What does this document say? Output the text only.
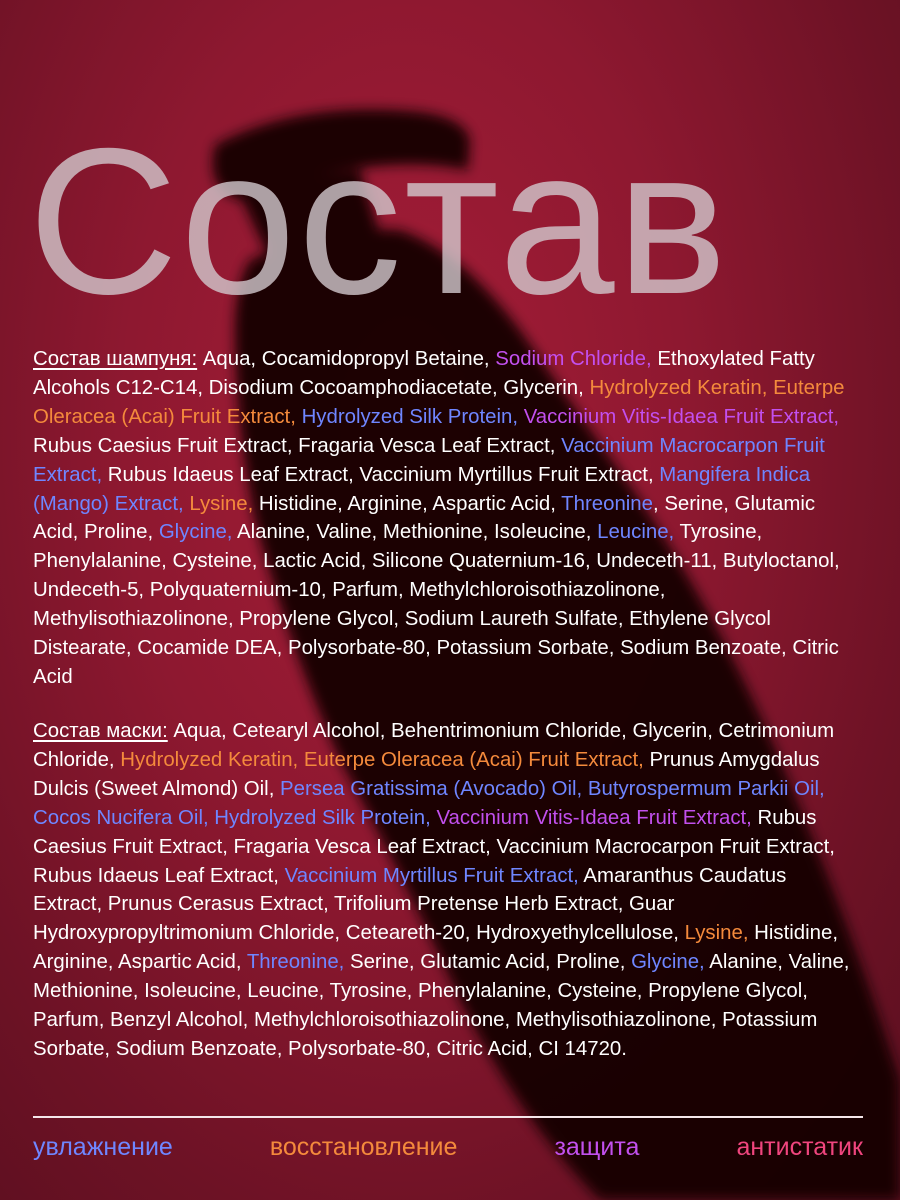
Состав
Состав шампуня: Aqua, Cocamidopropyl Betaine, Sodium Chloride, Ethoxylated Fatty Alcohols C12-C14, Disodium Cocoamphodiacetate, Glycerin, Hydrolyzed Keratin, Euterpe Oleracea (Acai) Fruit Extract, Hydrolyzed Silk Protein, Vaccinium Vitis-Idaea Fruit Extract, Rubus Caesius Fruit Extract, Fragaria Vesca Leaf Extract, Vaccinium Macrocarpon Fruit Extract, Rubus Idaeus Leaf Extract, Vaccinium Myrtillus Fruit Extract, Mangifera Indica (Mango) Extract, Lysine, Histidine, Arginine, Aspartic Acid, Threonine, Serine, Glutamic Acid, Proline, Glycine, Alanine, Valine, Methionine, Isoleucine, Leucine, Tyrosine, Phenylalanine, Cysteine, Lactic Acid, Silicone Quaternium-16, Undeceth-11, Butyloctanol, Undeceth-5, Polyquaternium-10, Parfum, Methylchloroisothiazolinone, Methylisothiazolinone, Propylene Glycol, Sodium Laureth Sulfate, Ethylene Glycol Distearate, Cocamide DEA, Polysorbate-80, Potassium Sorbate, Sodium Benzoate, Citric Acid
Состав маски: Aqua, Cetearyl Alcohol, Behentrimonium Chloride, Glycerin, Cetrimonium Chloride, Hydrolyzed Keratin, Euterpe Oleracea (Acai) Fruit Extract, Prunus Amygdalus Dulcis (Sweet Almond) Oil, Persea Gratissima (Avocado) Oil, Butyrospermum Parkii Oil, Cocos Nucifera Oil, Hydrolyzed Silk Protein, Vaccinium Vitis-Idaea Fruit Extract, Rubus Caesius Fruit Extract, Fragaria Vesca Leaf Extract, Vaccinium Macrocarpon Fruit Extract, Rubus Idaeus Leaf Extract, Vaccinium Myrtillus Fruit Extract, Amaranthus Caudatus Extract, Prunus Cerasus Extract, Trifolium Pretense Herb Extract, Guar Hydroxypropyltrimonium Chloride, Ceteareth-20, Hydroxyethylcellulose, Lysine, Histidine, Arginine, Aspartic Acid, Threonine, Serine, Glutamic Acid, Proline, Glycine, Alanine, Valine, Methionine, Isoleucine, Leucine, Tyrosine, Phenylalanine, Cysteine, Propylene Glycol, Parfum, Benzyl Alcohol, Methylchloroisothiazolinone, Methylisothiazolinone, Potassium Sorbate, Sodium Benzoate, Polysorbate-80, Citric Acid, CI 14720.
увлажнение	восстановление	защита	антистатик
